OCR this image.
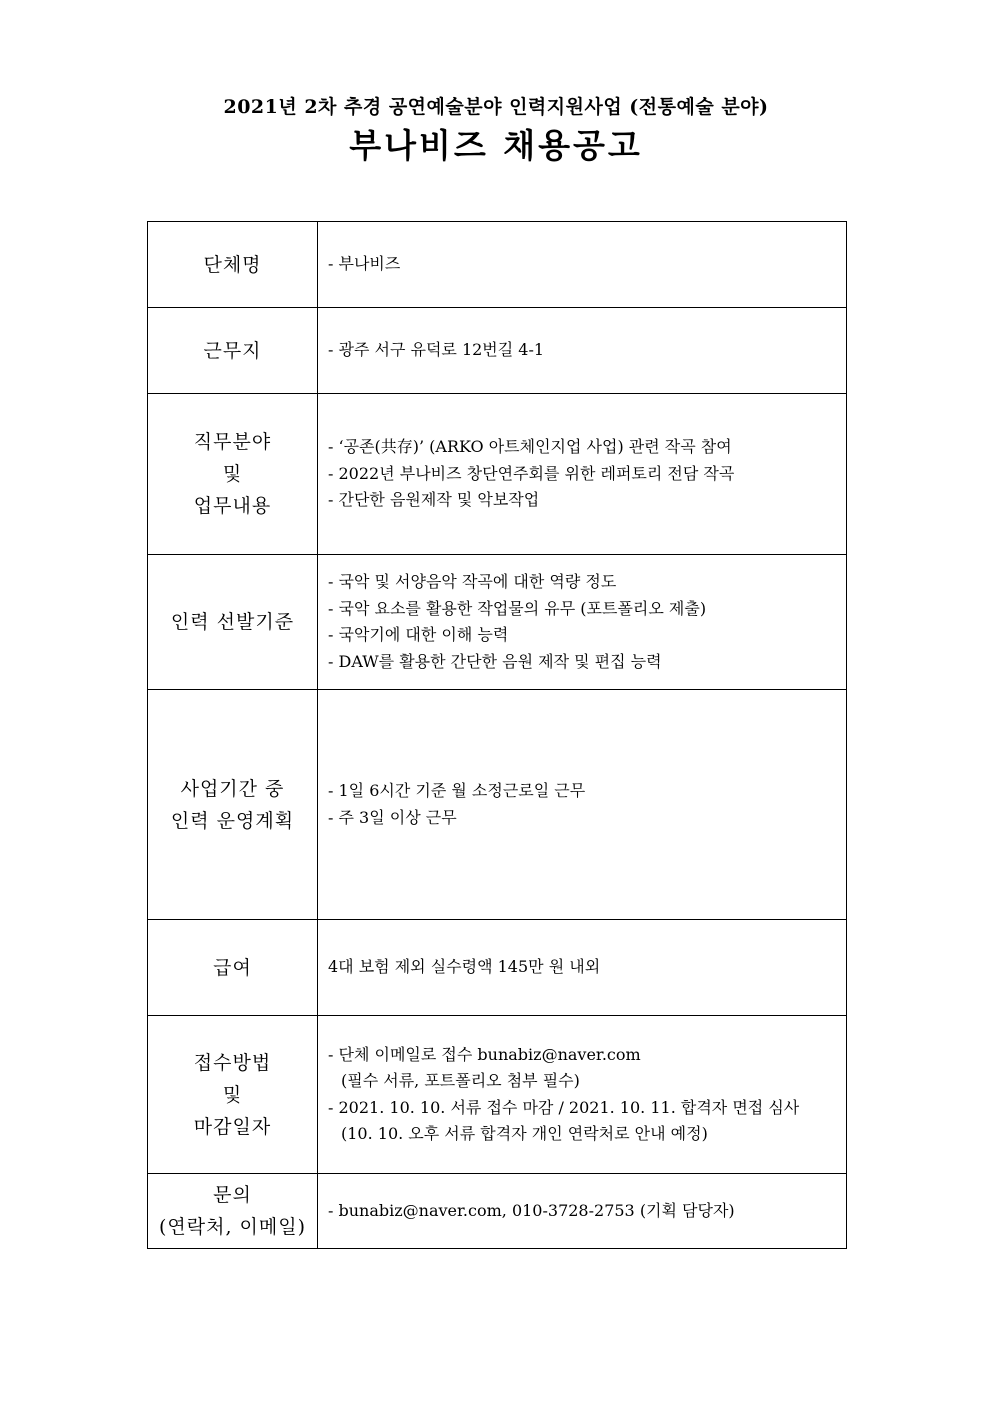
2021년 2차 추경 공연예술분야 인력지원사업 (전통예술 분야)
부나비즈 채용공고
단체명	- 부나비즈

근무지	- 광주 서구 유덕로 12번길 4-1

직무분야
및
업무내용	- ‘공존(共存)’ (ARKO 아트체인지업 사업) 관련 작곡 참여
- 2022년 부나비즈 창단연주회를 위한 레퍼토리 전담 작곡
- 간단한 음원제작 및 악보작업

인력 선발기준	- 국악 및 서양음악 작곡에 대한 역량 정도
- 국악 요소를 활용한 작업물의 유무 (포트폴리오 제출)
- 국악기에 대한 이해 능력
- DAW를 활용한 간단한 음원 제작 및 편집 능력

사업기간 중
인력 운영계획	- 1일 6시간 기준 월 소정근로일 근무
- 주 3일 이상 근무

급여	4대 보험 제외 실수령액 145만 원 내외

접수방법
및
마감일자	- 단체 이메일로 접수 bunabiz@naver.com
(필수 서류, 포트폴리오 첨부 필수)
- 2021. 10. 10. 서류 접수 마감 / 2021. 10. 11. 합격자 면접 심사
(10. 10. 오후 서류 합격자 개인 연락처로 안내 예정)

문의
(연락처, 이메일)	- bunabiz@naver.com, 010-3728-2753 (기획 담당자)
